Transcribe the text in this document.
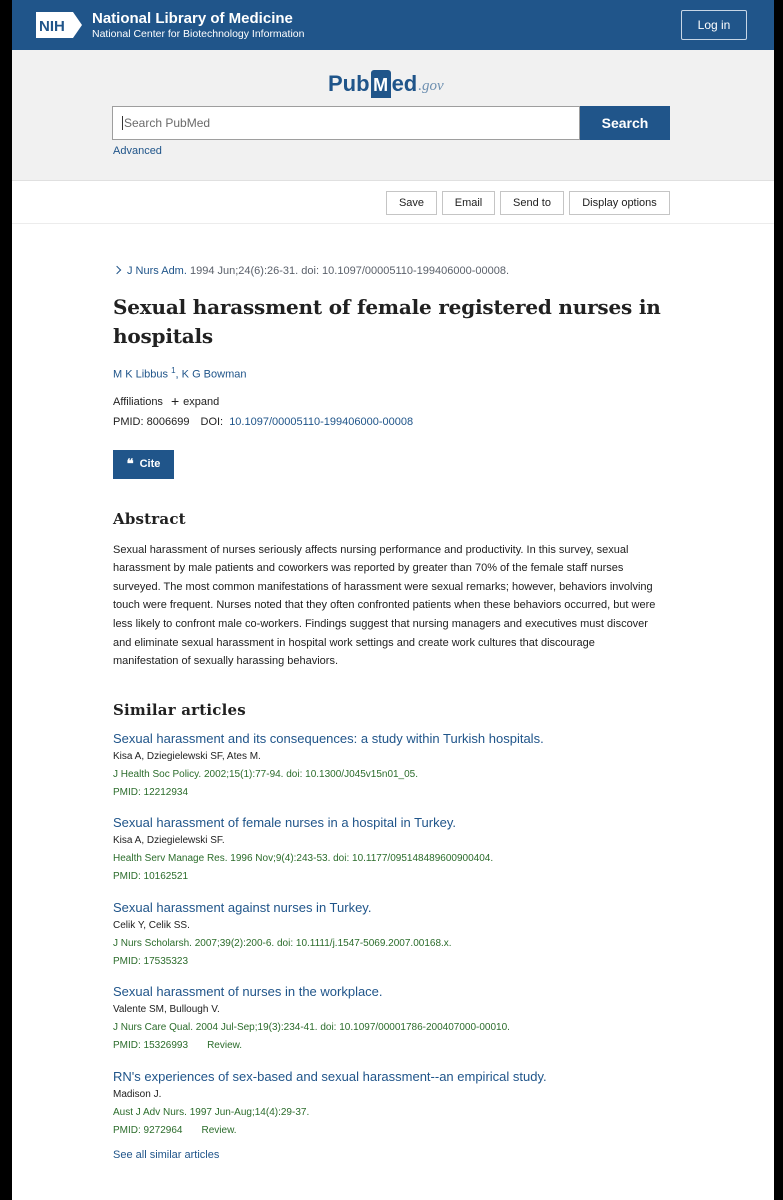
NIH National Library of Medicine
National Center for Biotechnology Information
Log in
Pub M ed .gov
Search PubMed	Search
Advanced
Save	Email	Send to	Display options
J Nurs Adm. 1994 Jun;24(6):26-31. doi: 10.1097/00005110-199406000-00008.
Sexual harassment of female registered nurses in hospitals
M K Libbus $^1$, K G Bowman
Affiliations + expand
PMID: 8006699 DOI: 10.1097/00005110-199406000-00008
❝ Cite
Abstract

Sexual harassment of nurses seriously affects nursing performance and productivity. In this survey, sexual harassment by male patients and coworkers was reported by greater than 70% of the female staff nurses surveyed. The most common manifestations of harassment were sexual remarks; however, behaviors involving touch were frequent. Nurses noted that they often confronted patients when these behaviors occurred, but were less likely to confront male co-workers. Findings suggest that nursing managers and executives must discover and eliminate sexual harassment in hospital work settings and create work cultures that discourage manifestation of sexually harassing behaviors.

Similar articles
Sexual harassment and its consequences: a study within Turkish hospitals.
Kisa A, Dziegielewski SF, Ates M.
J Health Soc Policy. 2002;15(1):77-94. doi: 10.1300/J045v15n01_05.
PMID: 12212934
Sexual harassment of female nurses in a hospital in Turkey.
Kisa A, Dziegielewski SF.
Health Serv Manage Res. 1996 Nov;9(4):243-53. doi: 10.1177/095148489600900404.
PMID: 10162521
Sexual harassment against nurses in Turkey.
Celik Y, Celik SS.
J Nurs Scholarsh. 2007;39(2):200-6. doi: 10.1111/j.1547-5069.2007.00168.x.
PMID: 17535323
Sexual harassment of nurses in the workplace.
Valente SM, Bullough V.
J Nurs Care Qual. 2004 Jul-Sep;19(3):234-41. doi: 10.1097/00001786-200407000-00010.
PMID: 15326993 Review.
RN's experiences of sex-based and sexual harassment--an empirical study.
Madison J.
Aust J Adv Nurs. 1997 Jun-Aug;14(4):29-37.
PMID: 9272964 Review.
See all similar articles
